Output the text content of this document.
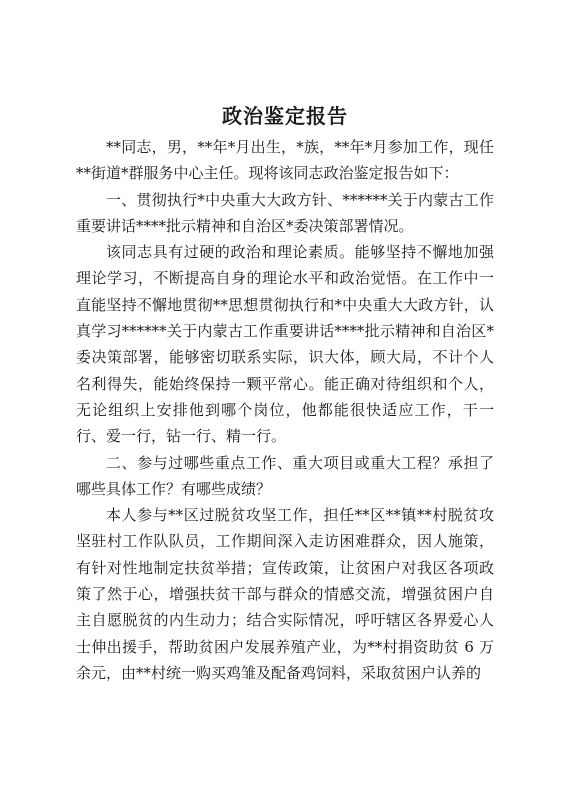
政治鉴定报告

**同志，男，**年*月出生，*族，**年*月参加工作，现任**街道*群服务中心主任。现将该同志政治鉴定报告如下：

一、贯彻执行*中央重大大政方针、******关于内蒙古工作重要讲话****批示精神和自治区*委决策部署情况。

该同志具有过硬的政治和理论素质。能够坚持不懈地加强理论学习，不断提高自身的理论水平和政治觉悟。在工作中一直能坚持不懈地贯彻**思想贯彻执行和*中央重大大政方针，认真学习******关于内蒙古工作重要讲话****批示精神和自治区*委决策部署，能够密切联系实际，识大体，顾大局，不计个人名利得失，能始终保持一颗平常心。能正确对待组织和个人，无论组织上安排他到哪个岗位，他都能很快适应工作，干一行、爱一行，钻一行、精一行。

二、参与过哪些重点工作、重大项目或重大工程？承担了哪些具体工作？有哪些成绩？

本人参与**区过脱贫攻坚工作，担任**区**镇**村脱贫攻坚驻村工作队队员，工作期间深入走访困难群众，因人施策，有针对性地制定扶贫举措；宣传政策，让贫困户对我区各项政策了然于心，增强扶贫干部与群众的情感交流，增强贫困户自主自愿脱贫的内生动力；结合实际情况，呼吁辖区各界爱心人士伸出援手，帮助贫困户发展养殖产业，为**村捐资助贫 6 万余元，由**村统一购买鸡雏及配备鸡饲料，采取贫困户认养的
